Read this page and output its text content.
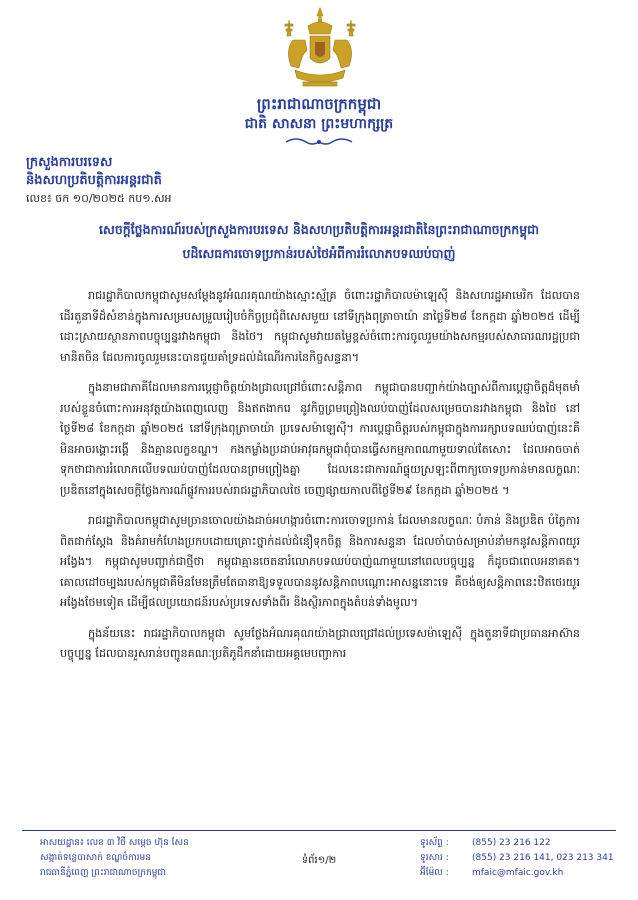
ព្រះរាជាណាចក្រកម្ពុជា
ជាតិ សាសនា ព្រះមហាក្សត្រ
ក្រសួងការបរទេស
និងសហប្រតិបត្តិការអន្តរជាតិ
លេខ៖ ចក ១០/២០២៥ កប១.សអ
សេចក្តីថ្លែងការណ៍របស់ក្រសួងការបរទេស និងសហប្រតិបត្តិការអន្តរជាតិនៃព្រះរាជាណាចក្រកម្ពុជា
បដិសេធការចោទប្រកាន់របស់ថៃអំពីការរំលោភបទឈប់បាញ់

រាជរដ្ឋាភិបាលកម្ពុជាសូមសម្តែងនូវអំណរគុណយ៉ាងស្មោះស្ម័គ្រ ចំពោះរដ្ឋាភិបាលម៉ាឡេស៊ី និងសហរដ្ឋអាមេរិក ដែលបានដើរតួនាទីដ៏សំខាន់ក្នុងការសម្របសម្រួលរៀបចំកិច្ចប្រជុំពិសេសមួយ នៅទីក្រុងពុត្រាចាយ៉ា នាថ្ងៃទី២៨ ខែកក្កដា ឆ្នាំ២០២៥ ដើម្បីដោះស្រាយស្ថានភាពបច្ចុប្បន្នរវាងកម្ពុជា និងថៃ។ កម្ពុជាសូមវាយតម្លៃខ្ពស់ចំពោះការចូលរួមយ៉ាងសកម្មរបស់សាធារណរដ្ឋប្រជាមានិតចិន ដែលការចូលរួមនេះបានជួយគាំទ្រដល់ដំណើរការនៃកិច្ចសន្ទនា។

ក្នុងនាមជាភាគីដែលមានការប្តេជ្ញាចិត្តយ៉ាងជ្រាលជ្រៅចំពោះសន្តិភាព កម្ពុជាបានបញ្ជាក់យ៉ាងច្បាស់ពីការប្តេជ្ញាចិត្តដ៏មុតមាំរបស់ខ្លួនចំពោះការអនុវត្តយ៉ាងពេញលេញ និងឥតងាករេ នូវកិច្ចព្រមព្រៀងឈប់បាញ់ដែលសម្រេចបានរវាងកម្ពុជា និងថៃ នៅថ្ងៃទី២៨ ខែកក្កដា ឆ្នាំ២០២៥ នៅទីក្រុងពុត្រាចាយ៉ា ប្រទេសម៉ាឡេស៊ី។ ការប្តេជ្ញាចិត្តរបស់កម្ពុជាក្នុងការរក្សាបទឈប់បាញ់នេះគឺមិនអាចរង្គោះរង្គើ និងគ្មានលក្ខខណ្ឌ។ កងកម្លាំងប្រដាប់អាវុធកម្ពុជាពុំបានធ្វើសកម្មភាពណាមួយទាល់តែសោះ ដែលអាចចាត់ទុកថាជាការរំលោភលើបទឈប់បាញ់ដែលបានព្រមព្រៀងគ្នា ដែលនេះជាការណ៍ផ្ទុយស្រឡះពីពាក្យចោទប្រកាន់មានលក្ខណៈប្រឌិតនៅក្នុងសេចក្តីថ្លែងការណ៍ផ្លូវការរបស់រាជរដ្ឋាភិបាលថៃ ចេញផ្សាយកាលពីថ្ងៃទី២៩ ខែកក្កដា ឆ្នាំ២០២៥ ។

រាជរដ្ឋាភិបាលកម្ពុជាសូមច្រានចោលយ៉ាងដាច់អហង្ការចំពោះការចោទប្រកាន់ ដែលមានលក្ខណៈ បំភាន់ និងប្រឌិត បំភ្លៃការពិតជាក់ស្តែង និងគំរាមកំហែងប្រកបដោយគ្រោះថ្នាក់ដល់ជំនឿទុកចិត្ត និងការសន្ទនា ដែលចាំបាច់សម្រាប់នាំមកនូវសន្តិភាពយូរអង្វែង។ កម្ពុជាសូមបញ្ជាក់ជាថ្មីថា កម្ពុជាគ្មានចេតនារំលោភបទឈប់បាញ់ណាមួយនៅពេលបច្ចុប្បន្ន ក៏ដូចជាពេលអនាគត។ គោលដៅចម្បងរបស់កម្ពុជាគឺមិនមែនត្រឹមតែធានាឱ្យទទួលបាននូវសន្តិភាពបណ្តោះអាសន្ននោះទេ គឺចង់ឲ្យសន្តិភាពនេះឋិតថេរយូរអង្វែងថែមទៀត ដើម្បីផលប្រយោជន៍របស់ប្រទេសទាំងពីរ និងស្ថិរភាពក្នុងតំបន់ទាំងមូល។

ក្នុងន័យនេះ រាជរដ្ឋាភិបាលកម្ពុជា សូមថ្លែងអំណរគុណយ៉ាងជ្រាលជ្រៅដល់ប្រទេសម៉ាឡេស៊ី ក្នុងតួនាទីជាប្រធានអាស៊ានបច្ចុប្បន្ន ដែលបានរួសរាន់បញ្ជូនគណៈប្រតិភូដឹកនាំដោយអគ្គមេបញ្ជាការ

អាសយដ្ឋាន៖ លេខ ៣ វិថី សម្តេច ហ៊ុន សែន
សង្កាត់ទន្លេបាសាក់ ខណ្ឌចំការមន
រាជធានីភ្នំពេញ ព្រះរាជាណាចក្រកម្ពុជា
ទំព័រ១/២
ទូរស័ព្ទ :	(855) 23 216 122
ទូរសារ :	(855) 23 216 141, 023 213 341
អ៊ីម៉ែល :	mfaic@mfaic.gov.kh
